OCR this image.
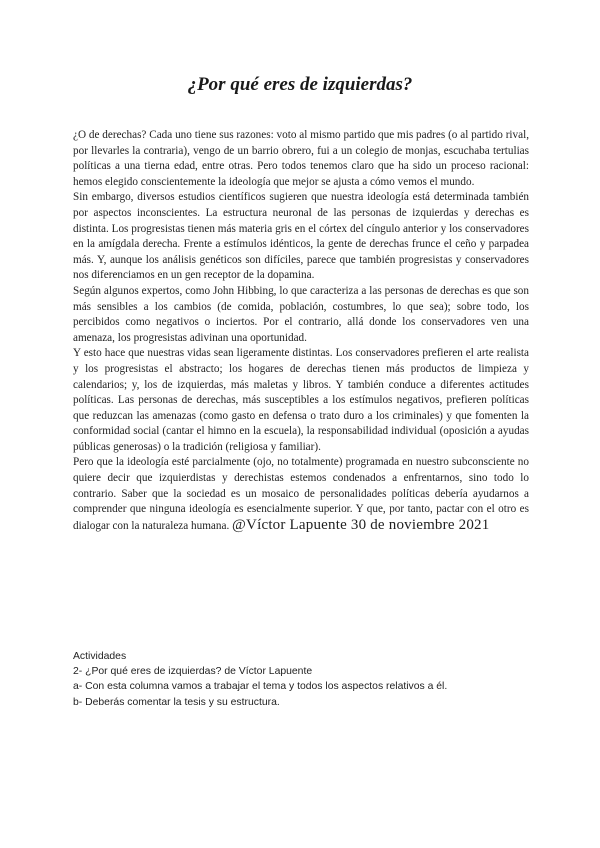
¿Por qué eres de izquierdas?

¿O de derechas? Cada uno tiene sus razones: voto al mismo partido que mis padres (o al partido rival, por llevarles la contraria), vengo de un barrio obrero, fui a un colegio de monjas, escuchaba tertulias políticas a una tierna edad, entre otras. Pero todos tenemos claro que ha sido un proceso racional: hemos elegido conscientemente la ideología que mejor se ajusta a cómo vemos el mundo.

Sin embargo, diversos estudios científicos sugieren que nuestra ideología está determinada también por aspectos inconscientes. La estructura neuronal de las personas de izquierdas y derechas es distinta. Los progresistas tienen más materia gris en el córtex del cíngulo anterior y los conservadores en la amígdala derecha. Frente a estímulos idénticos, la gente de derechas frunce el ceño y parpadea más. Y, aunque los análisis genéticos son difíciles, parece que también progresistas y conservadores nos diferenciamos en un gen receptor de la dopamina.

Según algunos expertos, como John Hibbing, lo que caracteriza a las personas de derechas es que son más sensibles a los cambios (de comida, población, costumbres, lo que sea); sobre todo, los percibidos como negativos o inciertos. Por el contrario, allá donde los conservadores ven una amenaza, los progresistas adivinan una oportunidad.

Y esto hace que nuestras vidas sean ligeramente distintas. Los conservadores prefieren el arte realista y los progresistas el abstracto; los hogares de derechas tienen más productos de limpieza y calendarios; y, los de izquierdas, más maletas y libros. Y también conduce a diferentes actitudes políticas. Las personas de derechas, más susceptibles a los estímulos negativos, prefieren políticas que reduzcan las amenazas (como gasto en defensa o trato duro a los criminales) y que fomenten la conformidad social (cantar el himno en la escuela), la responsabilidad individual (oposición a ayudas públicas generosas) o la tradición (religiosa y familiar).

Pero que la ideología esté parcialmente (ojo, no totalmente) programada en nuestro subconsciente no quiere decir que izquierdistas y derechistas estemos condenados a enfrentarnos, sino todo lo contrario. Saber que la sociedad es un mosaico de personalidades políticas debería ayudarnos a comprender que ninguna ideología es esencialmente superior. Y que, por tanto, pactar con el otro es dialogar con la naturaleza humana. @Víctor Lapuente 30 de noviembre 2021

Actividades
2- ¿Por qué eres de izquierdas? de Víctor Lapuente
a- Con esta columna vamos a trabajar el tema y todos los aspectos relativos a él.
b- Deberás comentar la tesis y su estructura.
